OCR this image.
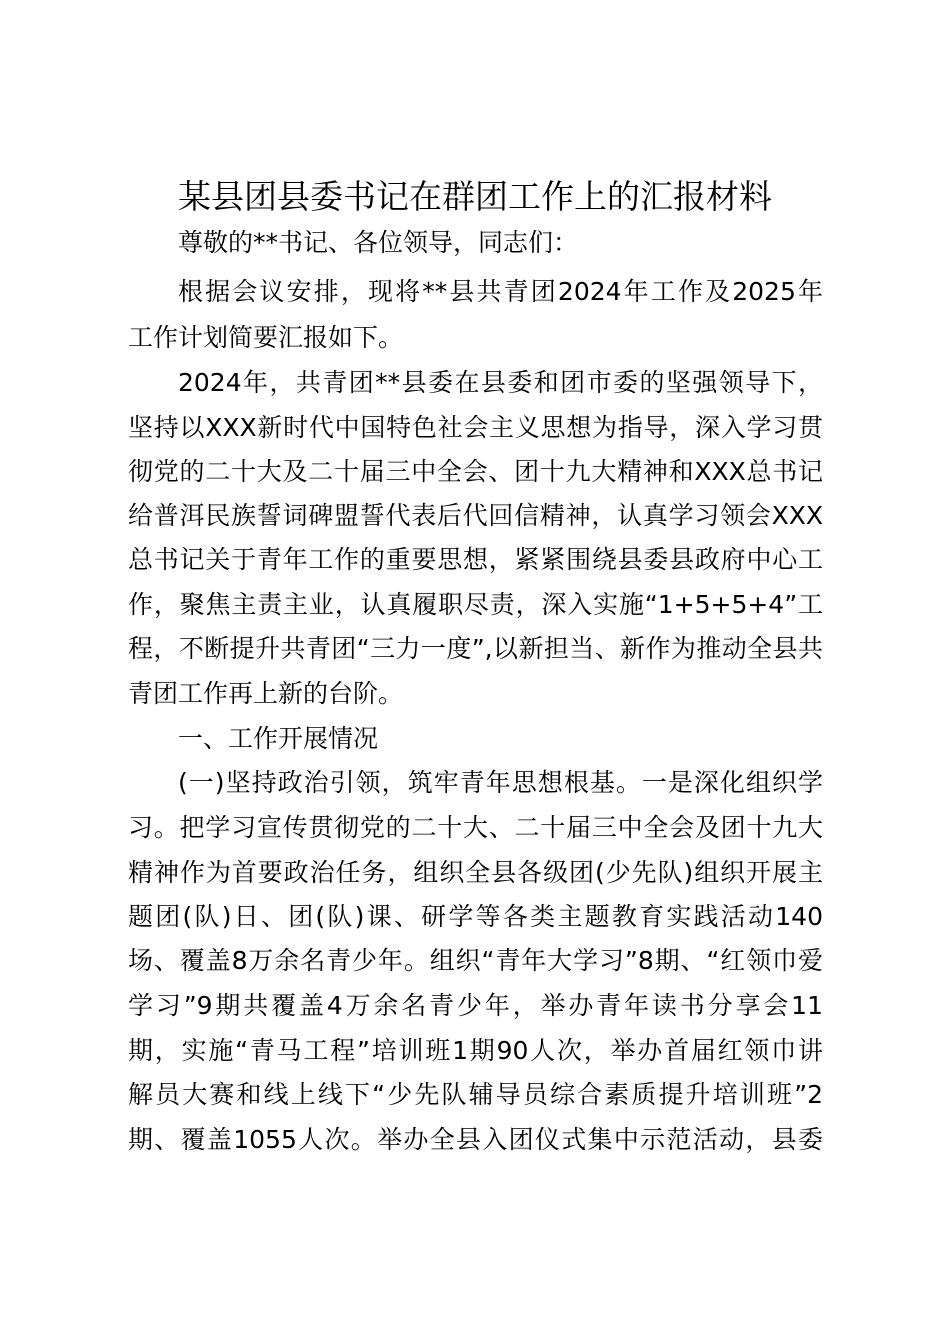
某县团县委书记在群团工作上的汇报材料
尊敬的**书记、各位领导，同志们：
根据会议安排，现将**县共青团2024年工作及2025年
工作计划简要汇报如下。
2024年，共青团**县委在县委和团市委的坚强领导下，
坚持以XXX新时代中国特色社会主义思想为指导，深入学习贯
彻党的二十大及二十届三中全会、团十九大精神和XXX总书记
给普洱民族誓词碑盟誓代表后代回信精神，认真学习领会XXX
总书记关于青年工作的重要思想，紧紧围绕县委县政府中心工
作，聚焦主责主业，认真履职尽责，深入实施“1+5+5+4”工
程，不断提升共青团“三力一度”,以新担当、新作为推动全县共
青团工作再上新的台阶。
一、工作开展情况
(一)坚持政治引领，筑牢青年思想根基。一是深化组织学
习。把学习宣传贯彻党的二十大、二十届三中全会及团十九大
精神作为首要政治任务，组织全县各级团(少先队)组织开展主
题团(队)日、团(队)课、研学等各类主题教育实践活动140
场、覆盖8万余名青少年。组织“青年大学习”8期、“红领巾爱
学习”9期共覆盖4万余名青少年，举办青年读书分享会11
期，实施“青马工程”培训班1期90人次，举办首届红领巾讲
解员大赛和线上线下“少先队辅导员综合素质提升培训班”2
期、覆盖1055人次。举办全县入团仪式集中示范活动，县委
